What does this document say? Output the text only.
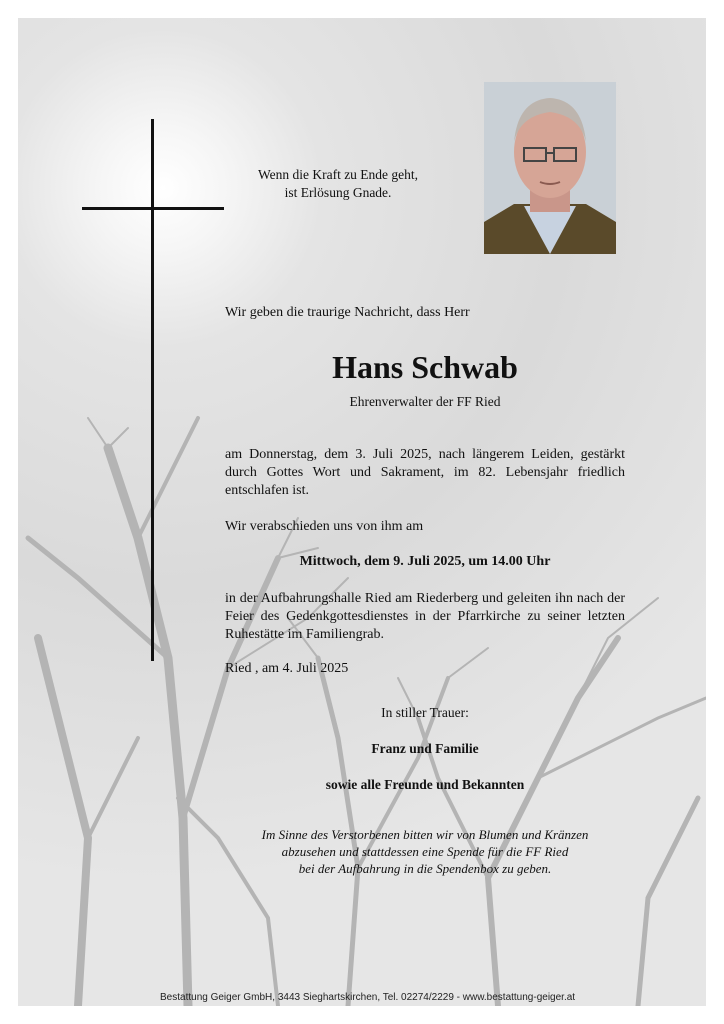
Wenn die Kraft zu Ende geht,
ist Erlösung Gnade.
Wir geben die traurige Nachricht, dass Herr
Hans Schwab
Ehrenverwalter der FF Ried
am Donnerstag, dem 3. Juli 2025, nach längerem Leiden, gestärkt durch Gottes Wort und Sakrament, im 82. Lebensjahr friedlich entschlafen ist.
Wir verabschieden uns von ihm am
Mittwoch, dem 9. Juli 2025, um 14.00 Uhr
in der Aufbahrungshalle Ried am Riederberg und geleiten ihn nach der Feier des Gedenkgottesdienstes in der Pfarrkirche zu seiner letzten Ruhestätte im Familiengrab.
Ried , am 4. Juli 2025
In stiller Trauer:
Franz und Familie
sowie alle Freunde und Bekannten
Im Sinne des Verstorbenen bitten wir von Blumen und Kränzen
abzusehen und stattdessen eine Spende für die FF Ried
bei der Aufbahrung in die Spendenbox zu geben.
Bestattung Geiger GmbH, 3443 Sieghartskirchen, Tel. 02274/2229 - www.bestattung-geiger.at
